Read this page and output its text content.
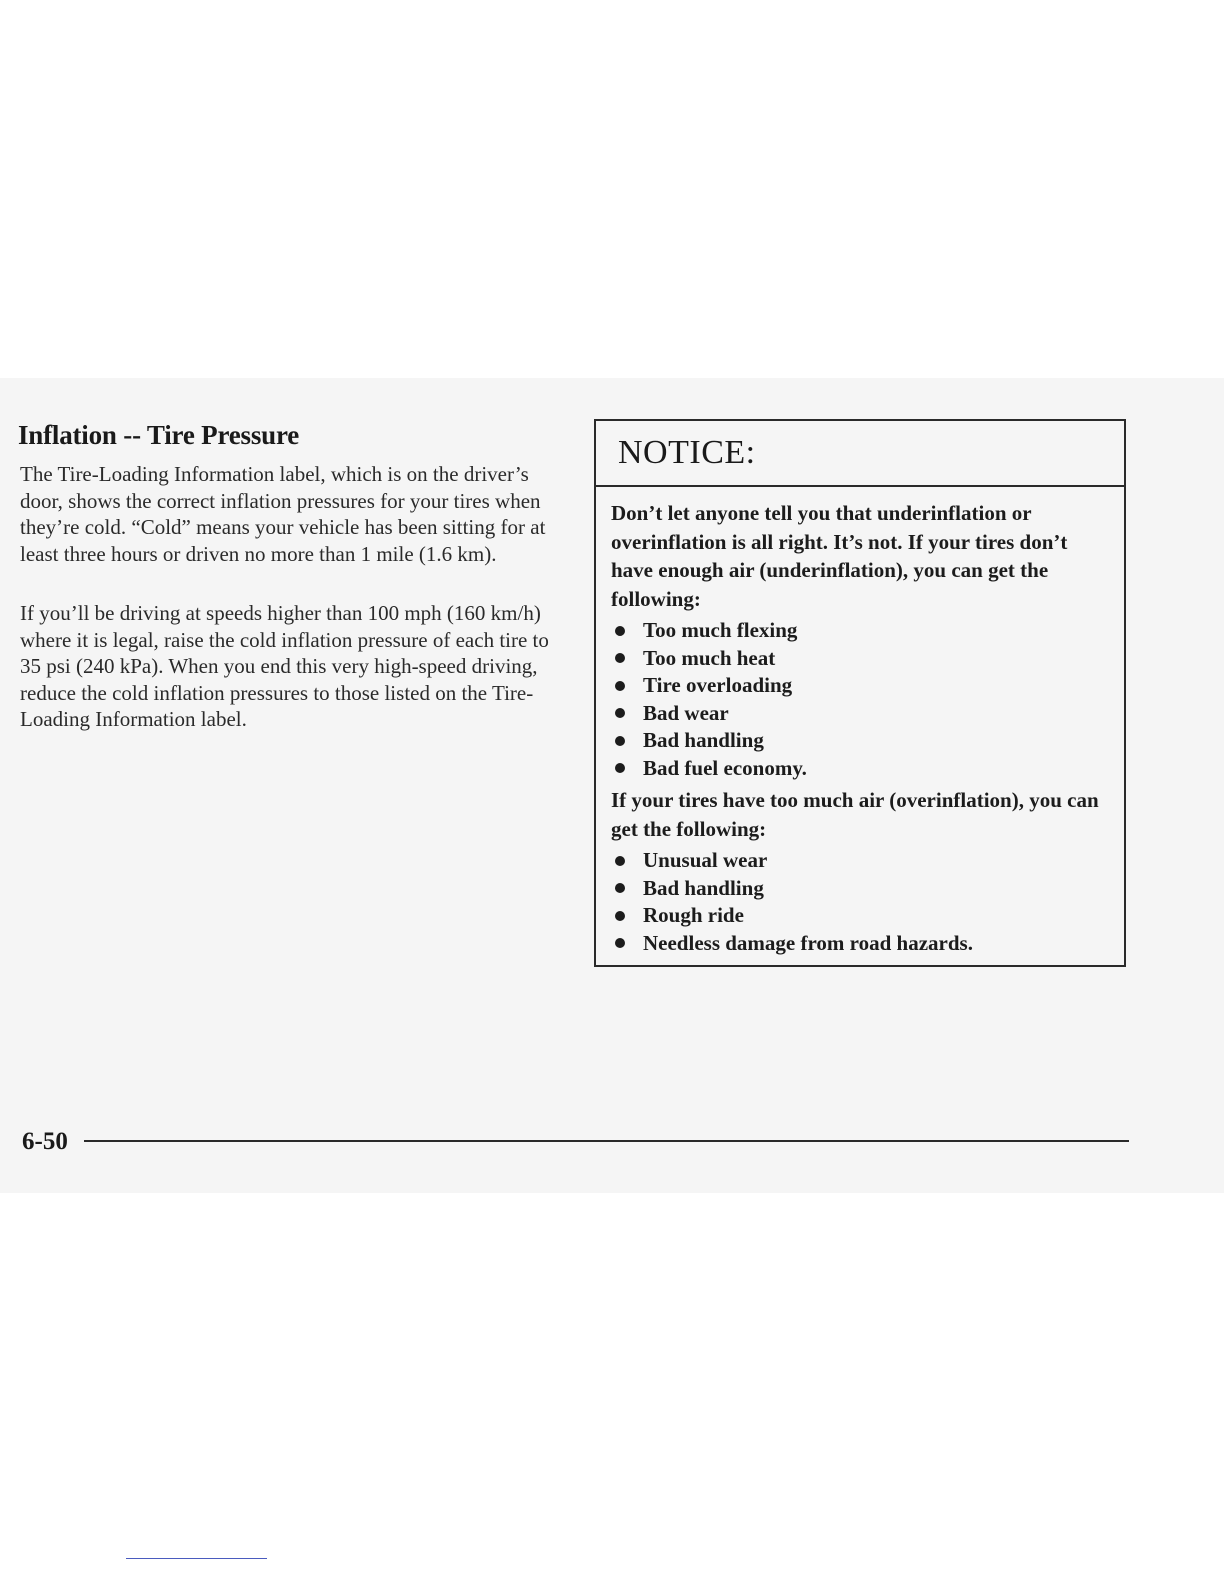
Inflation -- Tire Pressure

The Tire-Loading Information label, which is on the driver’s door, shows the correct inflation pressures for your tires when they’re cold. “Cold” means your vehicle has been sitting for at least three hours or driven no more than 1 mile (1.6 km).

If you’ll be driving at speeds higher than 100 mph (160 km/h) where it is legal, raise the cold inflation pressure of each tire to 35 psi (240 kPa). When you end this very high-speed driving, reduce the cold inflation pressures to those listed on the Tire-Loading Information label.

NOTICE:

Don’t let anyone tell you that underinflation or overinflation is all right. It’s not. If your tires don’t have enough air (underinflation), you can get the following:

Too much flexing
Too much heat
Tire overloading
Bad wear
Bad handling
Bad fuel economy.

If your tires have too much air (overinflation), you can get the following:

Unusual wear
Bad handling
Rough ride
Needless damage from road hazards.
6-50
